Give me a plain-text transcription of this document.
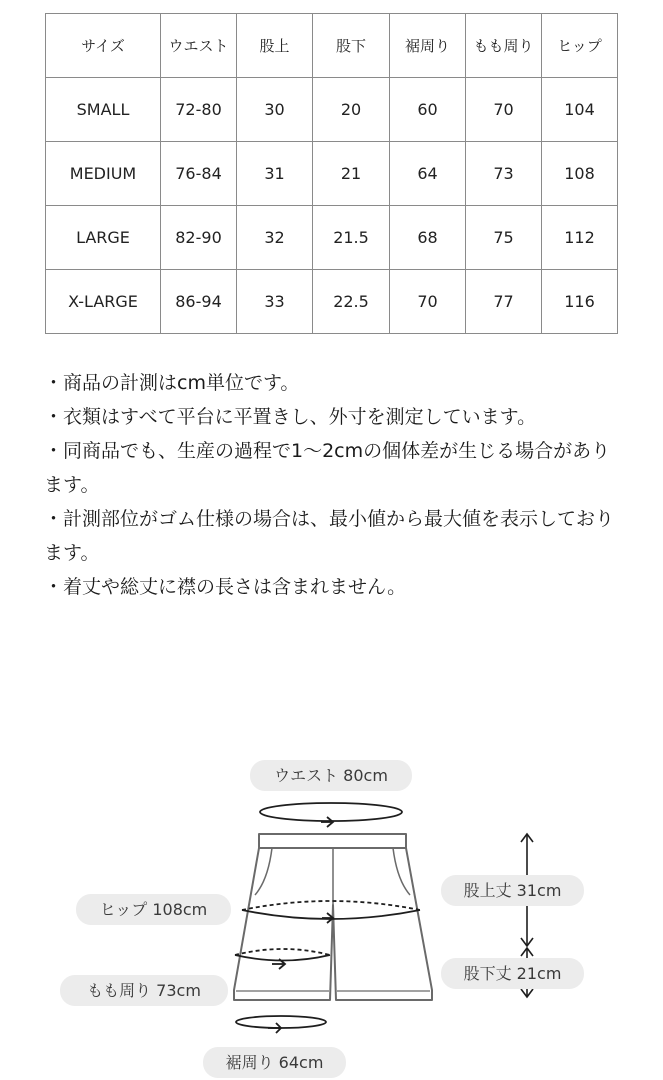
サイズ	ウエスト	股上	股下	裾周り	もも周り	ヒップ
SMALL	72-80	30	20	60	70	104
MEDIUM	76-84	31	21	64	73	108
LARGE	82-90	32	21.5	68	75	112
X-LARGE	86-94	33	22.5	70	77	116

・商品の計測はcm単位です。

・衣類はすべて平台に平置きし、外寸を測定しています。

・同商品でも、生産の過程で1〜2cmの個体差が生じる場合があります。

・計測部位がゴム仕様の場合は、最小値から最大値を表示しております。

・着丈や総丈に襟の長さは含まれません。

ウエスト 80cm
ヒップ 108cm
もも周り 73cm
裾周り 64cm
股上丈 31cm
股下丈 21cm
